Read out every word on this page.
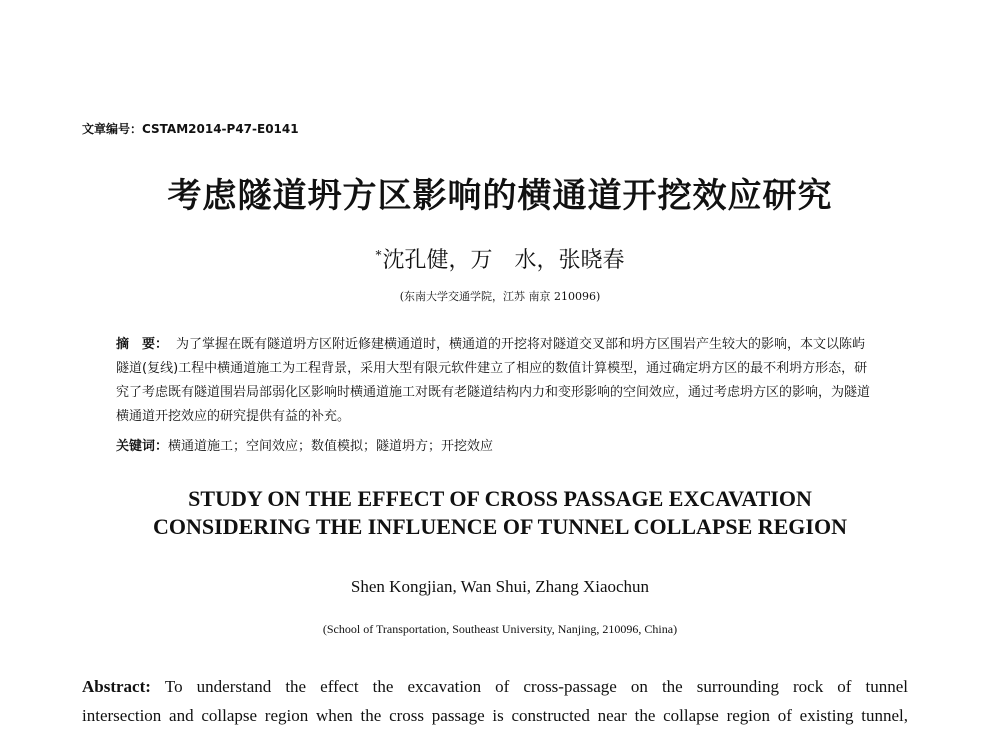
文章编号：CSTAM2014-P47-E0141
考虑隧道坍方区影响的横通道开挖效应研究
*沈孔健，万　水，张晓春
(东南大学交通学院，江苏 南京 210096)
摘　要： 为了掌握在既有隧道坍方区附近修建横通道时，横通道的开挖将对隧道交叉部和坍方区围岩产生较大的影响，本文以陈屿隧道(复线)工程中横通道施工为工程背景，采用大型有限元软件建立了相应的数值计算模型，通过确定坍方区的最不利坍方形态，研究了考虑既有隧道围岩局部弱化区影响时横通道施工对既有老隧道结构内力和变形影响的空间效应，通过考虑坍方区的影响，为隧道横通道开挖效应的研究提供有益的补充。
关键词：横通道施工；空间效应；数值模拟；隧道坍方；开挖效应
STUDY ON THE EFFECT OF CROSS PASSAGE EXCAVATION
CONSIDERING THE INFLUENCE OF TUNNEL COLLAPSE REGION
Shen Kongjian, Wan Shui, Zhang Xiaochun
(School of Transportation, Southeast University, Nanjing, 210096, China)
Abstract: To understand the effect the excavation of cross-passage on the surrounding rock of tunnel
intersection and collapse region when the cross passage is constructed near the collapse region of existing tunnel,
